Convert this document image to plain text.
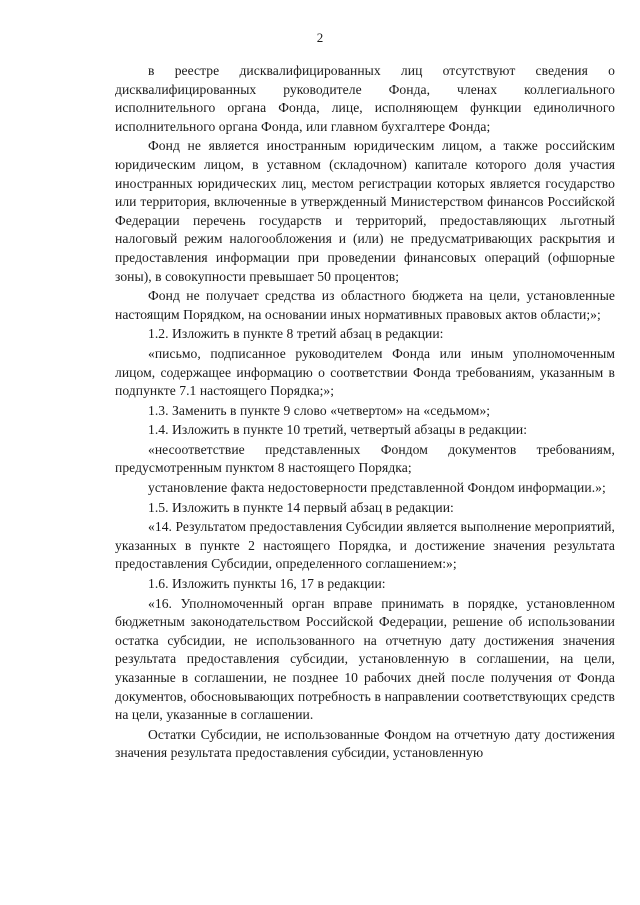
2

в реестре дисквалифицированных лиц отсутствуют сведения о дисквалифицированных руководителе Фонда, членах коллегиального исполнительного органа Фонда, лице, исполняющем функции единоличного исполнительного органа Фонда, или главном бухгалтере Фонда;

Фонд не является иностранным юридическим лицом, а также российским юридическим лицом, в уставном (складочном) капитале которого доля участия иностранных юридических лиц, местом регистрации которых является государство или территория, включенные в утвержденный Министерством финансов Российской Федерации перечень государств и территорий, предоставляющих льготный налоговый режим налогообложения и (или) не предусматривающих раскрытия и предоставления информации при проведении финансовых операций (офшорные зоны), в совокупности превышает 50 процентов;

Фонд не получает средства из областного бюджета на цели, установленные настоящим Порядком, на основании иных нормативных правовых актов области;»;

1.2. Изложить в пункте 8 третий абзац в редакции:

«письмо, подписанное руководителем Фонда или иным уполномоченным лицом, содержащее информацию о соответствии Фонда требованиям, указанным в подпункте 7.1 настоящего Порядка;»;

1.3. Заменить в пункте 9 слово «четвертом» на «седьмом»;

1.4. Изложить в пункте 10 третий, четвертый абзацы в редакции:

«несоответствие представленных Фондом документов требованиям, предусмотренным пунктом 8 настоящего Порядка;

установление факта недостоверности представленной Фондом информации.»;

1.5. Изложить в пункте 14 первый абзац в редакции:

«14. Результатом предоставления Субсидии является выполнение мероприятий, указанных в пункте 2 настоящего Порядка, и достижение значения результата предоставления Субсидии, определенного соглашением:»;

1.6. Изложить пункты 16, 17 в редакции:

«16. Уполномоченный орган вправе принимать в порядке, установленном бюджетным законодательством Российской Федерации, решение об использовании остатка субсидии, не использованного на отчетную дату достижения значения результата предоставления субсидии, установленную в соглашении, на цели, указанные в соглашении, не позднее 10 рабочих дней после получения от Фонда документов, обосновывающих потребность в направлении соответствующих средств на цели, указанные в соглашении.

Остатки Субсидии, не использованные Фондом на отчетную дату достижения значения результата предоставления субсидии, установленную
